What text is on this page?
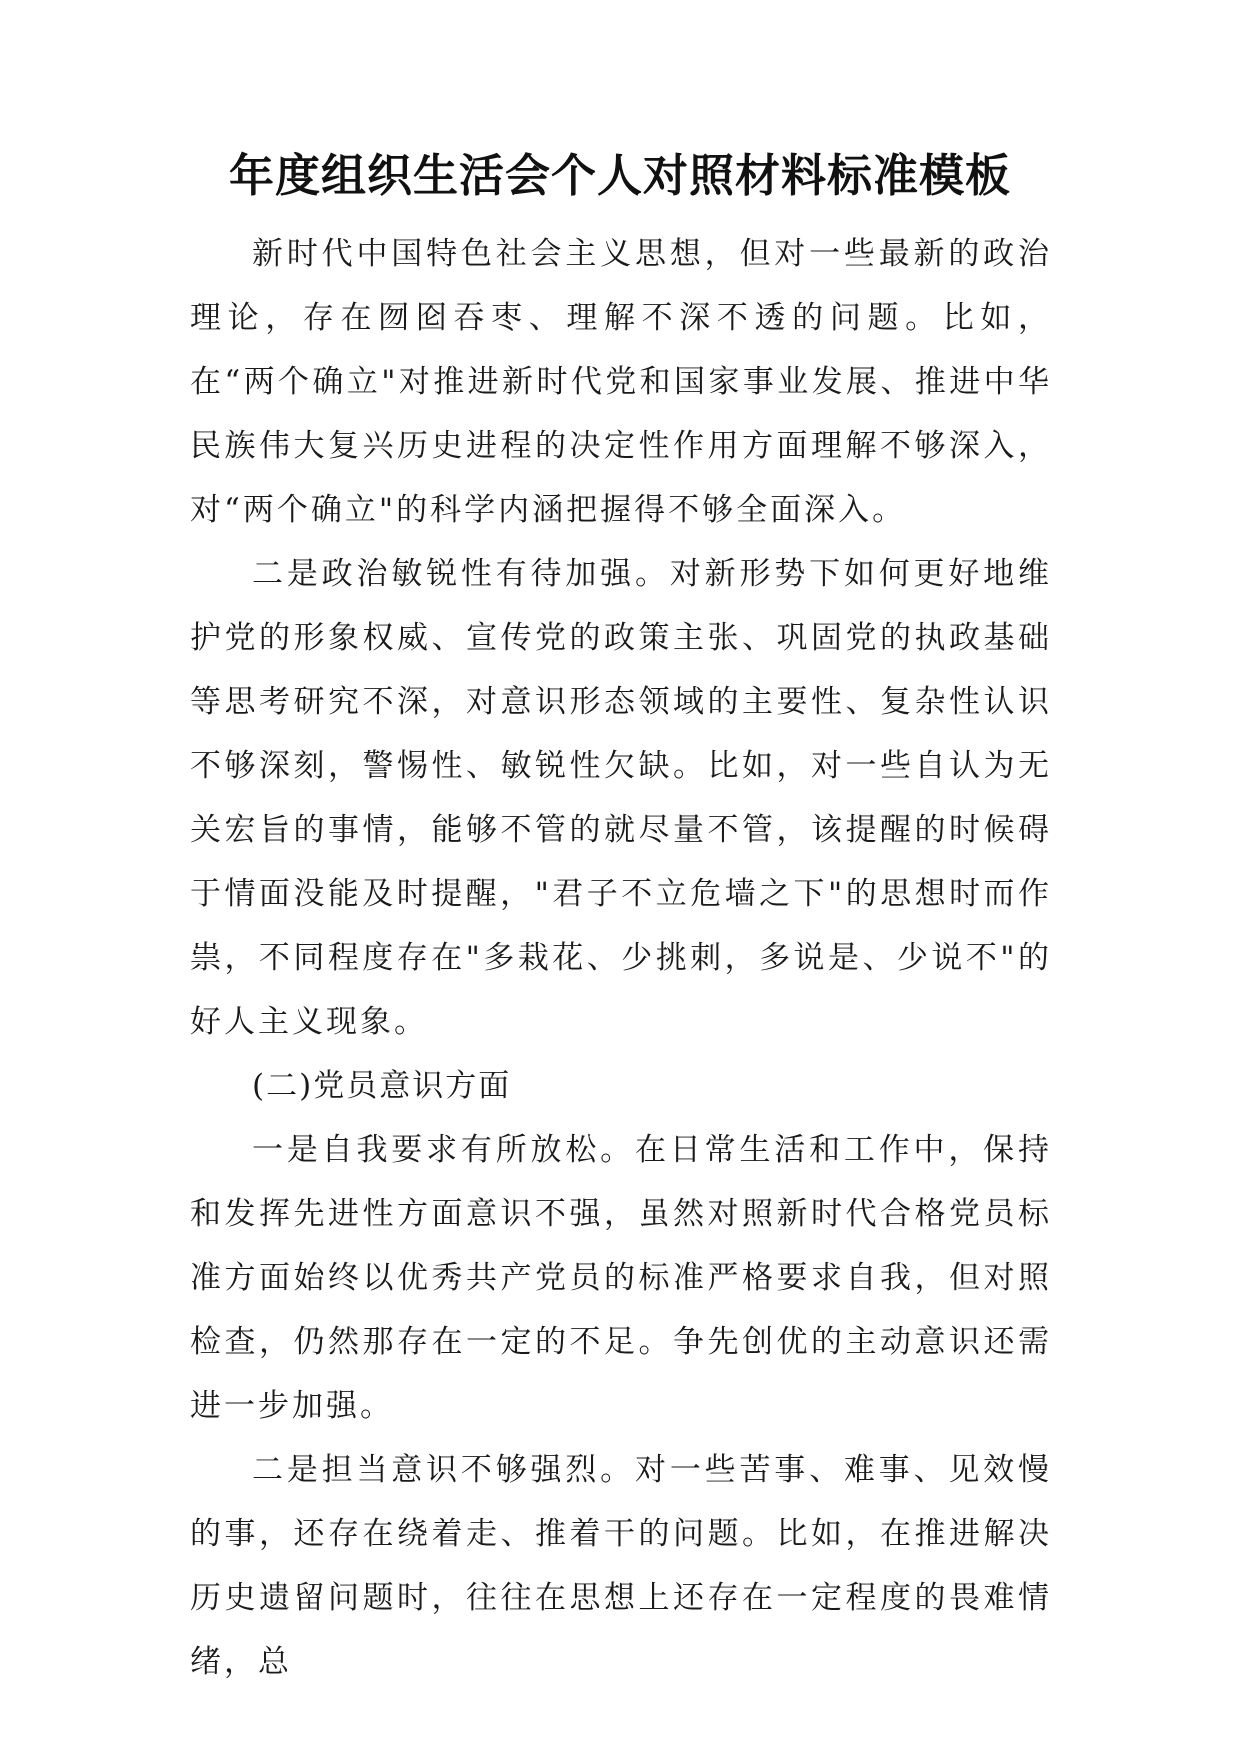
年度组织生活会个人对照材料标准模板

新时代中国特色社会主义思想，但对一些最新的政治理论，存在囫囵吞枣、理解不深不透的问题。比如，在“两个确立"对推进新时代党和国家事业发展、推进中华民族伟大复兴历史进程的决定性作用方面理解不够深入，对“两个确立"的科学内涵把握得不够全面深入。

二是政治敏锐性有待加强。对新形势下如何更好地维护党的形象权威、宣传党的政策主张、巩固党的执政基础等思考研究不深，对意识形态领域的主要性、复杂性认识不够深刻，警惕性、敏锐性欠缺。比如，对一些自认为无关宏旨的事情，能够不管的就尽量不管，该提醒的时候碍于情面没能及时提醒，"君子不立危墙之下"的思想时而作祟，不同程度存在"多栽花、少挑刺，多说是、少说不"的好人主义现象。

(二)党员意识方面

一是自我要求有所放松。在日常生活和工作中，保持和发挥先进性方面意识不强，虽然对照新时代合格党员标准方面始终以优秀共产党员的标准严格要求自我，但对照检查，仍然那存在一定的不足。争先创优的主动意识还需进一步加强。

二是担当意识不够强烈。对一些苦事、难事、见效慢的事，还存在绕着走、推着干的问题。比如，在推进解决历史遗留问题时，往往在思想上还存在一定程度的畏难情绪，总
